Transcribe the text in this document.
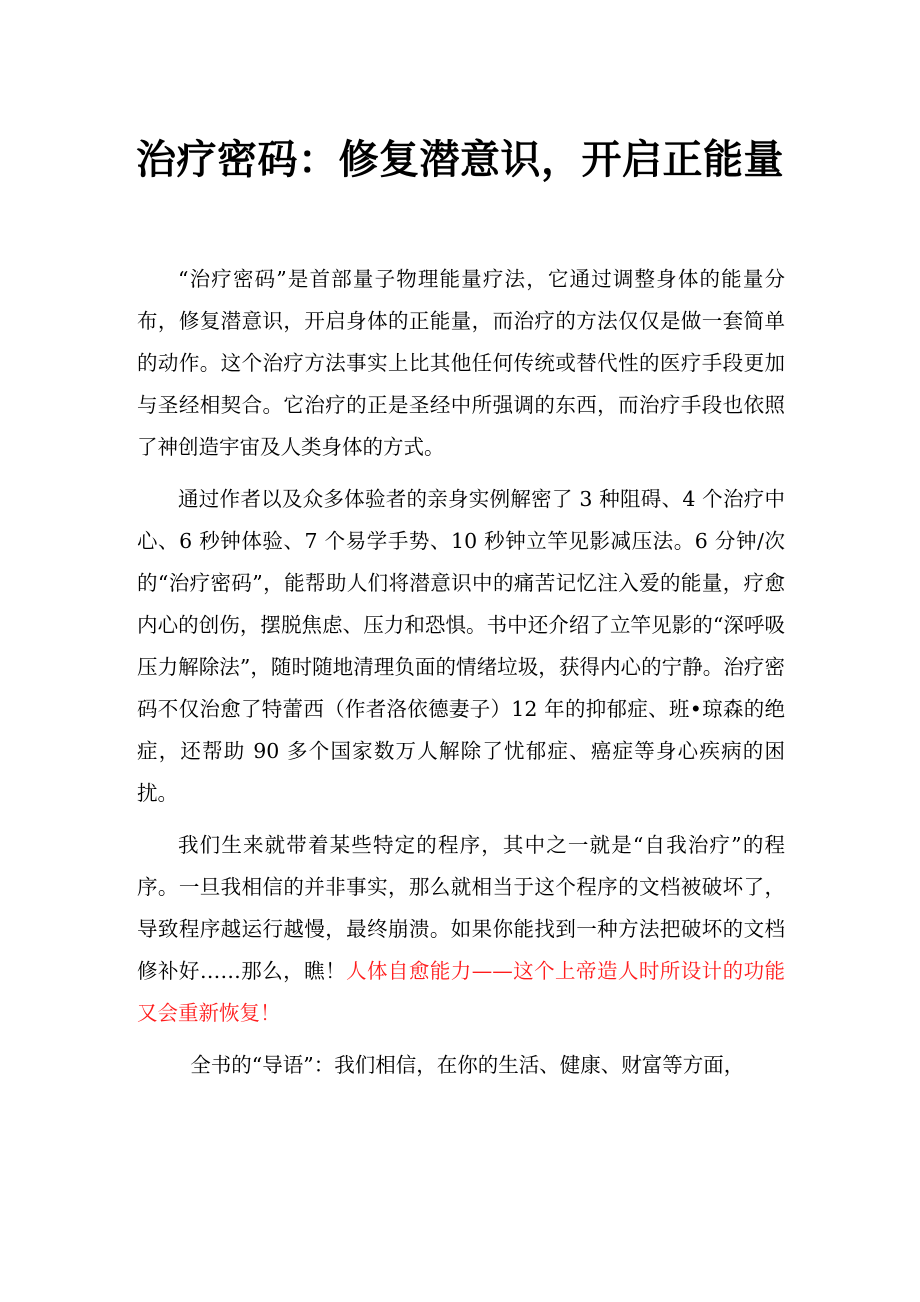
治疗密码：修复潜意识，开启正能量

“治疗密码”是首部量子物理能量疗法，它通过调整身体的能量分布，修复潜意识，开启身体的正能量，而治疗的方法仅仅是做一套简单的动作。这个治疗方法事实上比其他任何传统或替代性的医疗手段更加与圣经相契合。它治疗的正是圣经中所强调的东西，而治疗手段也依照了神创造宇宙及人类身体的方式。

通过作者以及众多体验者的亲身实例解密了 3 种阻碍、4 个治疗中心、6 秒钟体验、7 个易学手势、10 秒钟立竿见影减压法。6 分钟/次的“治疗密码”，能帮助人们将潜意识中的痛苦记忆注入爱的能量，疗愈内心的创伤，摆脱焦虑、压力和恐惧。书中还介绍了立竿见影的“深呼吸压力解除法”，随时随地清理负面的情绪垃圾，获得内心的宁静。治疗密码不仅治愈了特蕾西（作者洛依德妻子）12 年的抑郁症、班•琼森的绝症，还帮助 90 多个国家数万人解除了忧郁症、癌症等身心疾病的困扰。

我们生来就带着某些特定的程序，其中之一就是“自我治疗”的程序。一旦我相信的并非事实，那么就相当于这个程序的文档被破坏了，导致程序越运行越慢，最终崩溃。如果你能找到一种方法把破坏的文档修补好……那么，瞧！人体自愈能力——这个上帝造人时所设计的功能又会重新恢复！

全书的“导语”：我们相信，在你的生活、健康、财富等方面，
